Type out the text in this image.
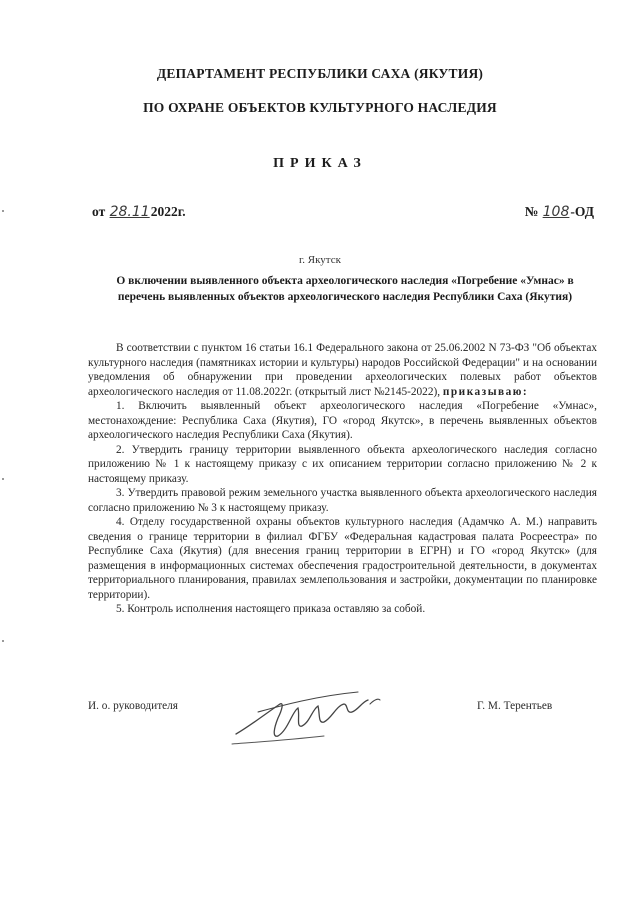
ДЕПАРТАМЕНТ РЕСПУБЛИКИ САХА (ЯКУТИЯ)
ПО ОХРАНЕ ОБЪЕКТОВ КУЛЬТУРНОГО НАСЛЕДИЯ
ПРИКАЗ
от 28.112022г.	№ 108-ОД
г. Якутск
О включении выявленного объекта археологического наследия «Погребение «Умнас» в перечень выявленных объектов археологического наследия Республики Саха (Якутия)

В соответствии с пунктом 16 статьи 16.1 Федерального закона от 25.06.2002 N 73-ФЗ "Об объектах культурного наследия (памятниках истории и культуры) народов Российской Федерации" и на основании уведомления об обнаружении при проведении археологических полевых работ объектов археологического наследия от 11.08.2022г. (открытый лист №2145-2022), приказываю:

1. Включить выявленный объект археологического наследия «Погребение «Умнас», местонахождение: Республика Саха (Якутия), ГО «город Якутск», в перечень выявленных объектов археологического наследия Республики Саха (Якутия).

2. Утвердить границу территории выявленного объекта археологического наследия согласно приложению № 1 к настоящему приказу с их описанием территории согласно приложению № 2 к настоящему приказу.

3. Утвердить правовой режим земельного участка выявленного объекта археологического наследия согласно приложению № 3 к настоящему приказу.

4. Отделу государственной охраны объектов культурного наследия (Адамчко А. М.) направить сведения о границе территории в филиал ФГБУ «Федеральная кадастровая палата Росреестра» по Республике Саха (Якутия) (для внесения границ территории в ЕГРН) и ГО «город Якутск» (для размещения в информационных системах обеспечения градостроительной деятельности, в документах территориального планирования, правилах землепользования и застройки, документации по планировке территории).

5. Контроль исполнения настоящего приказа оставляю за собой.

И. о. руководителя	Г. М. Терентьев
